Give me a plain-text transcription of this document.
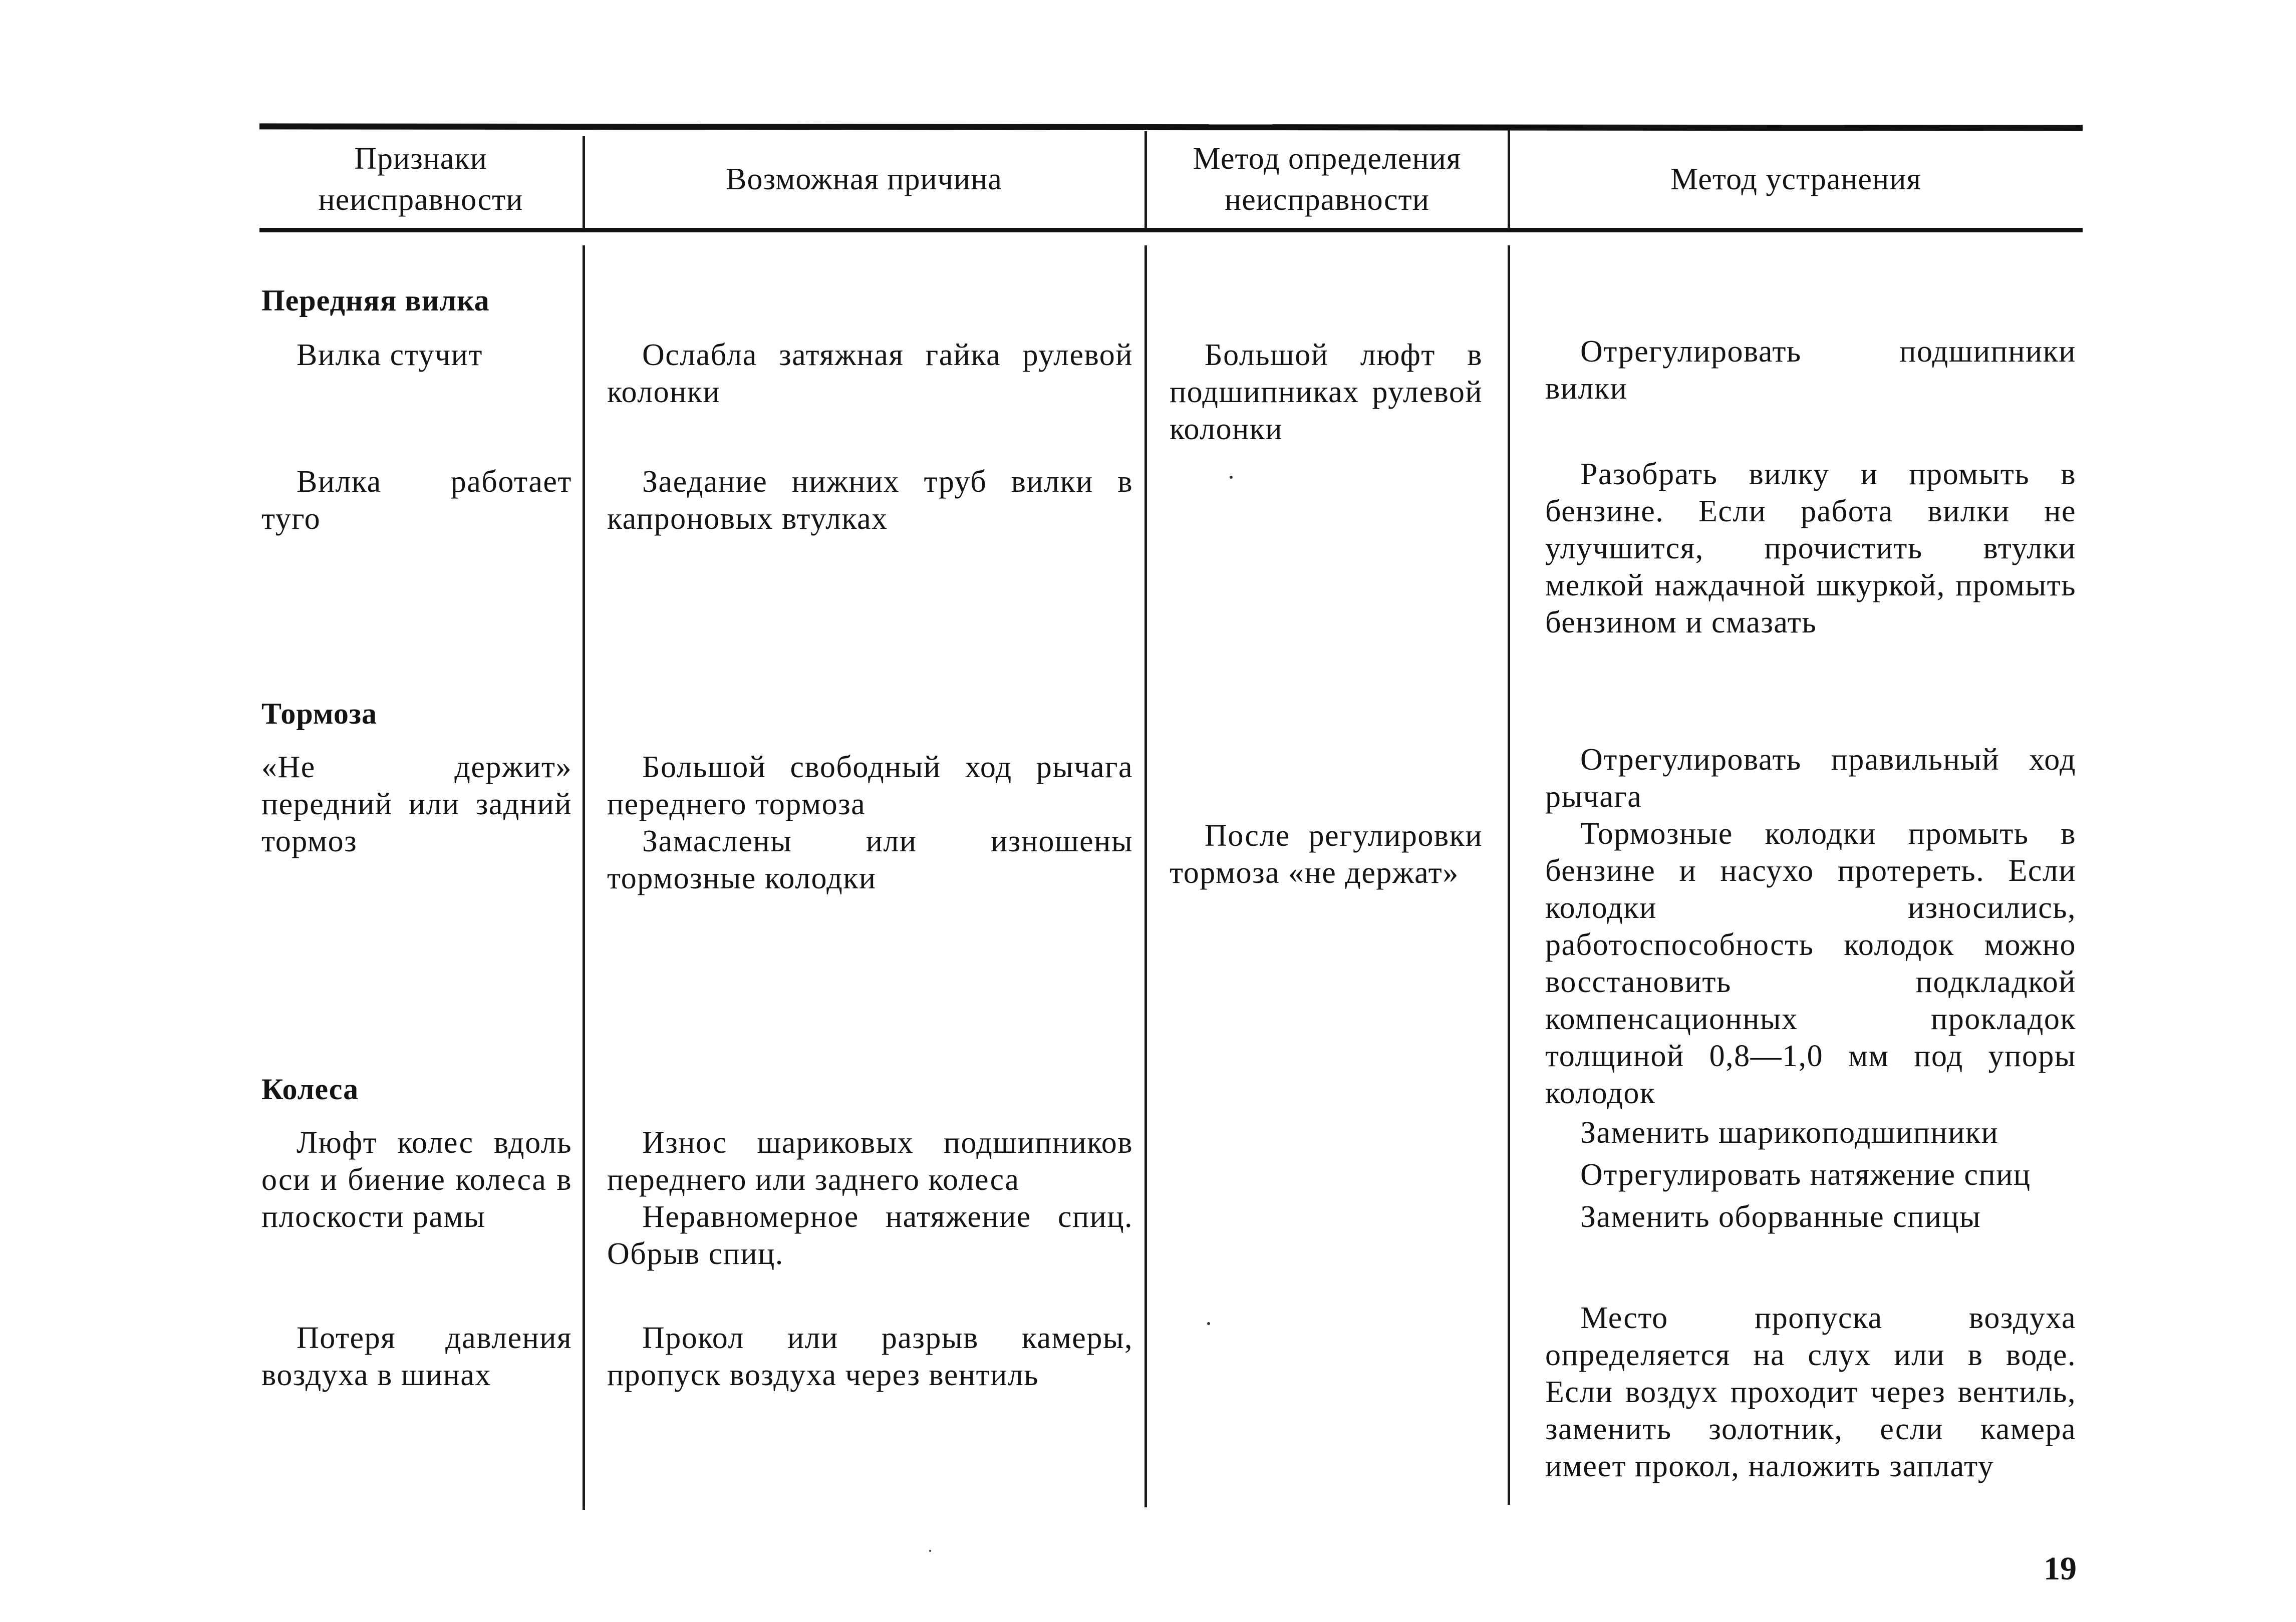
Признаки неисправности
Возможная причина
Метод определения неисправности
Метод устранения
Передняя вилка

Вилка стучит	Ослабла затяжная гайка рулевой колонки

Большой люфт в подшипниках рулевой колонки

Отрегулировать подшипники вилки

Вилка работает туго

Заедание нижних труб вилки в капроновых втулках

Разобрать вилку и промыть в бензине. Если работа вилки не улучшится, прочистить втулки мелкой наждачной шкуркой, промыть бензином и смазать

Тормоза

«Не держит» передний или задний тормоз

Большой свободный ход рычага переднего тормоза

Замаслены или изношены тормозные колодки

После регулировки тормоза «не держат»

Отрегулировать правильный ход рычага

Тормозные колодки промыть в бензине и насухо протереть. Если колодки износились, работоспособность колодок можно восстановить подкладкой компенсационных прокладок толщиной 0,8—1,0 мм под упоры колодок

Колеса

Люфт колес вдоль оси и биение колеса в плоскости рамы

Износ шариковых подшипников переднего или заднего колеса

Неравномерное натяжение спиц. Обрыв спиц.

Заменить шарикоподшипники

Отрегулировать натяжение спиц

Заменить оборванные спицы

Потеря давления воздуха в шинах

Прокол или разрыв камеры, пропуск воздуха через вентиль

Место пропуска воздуха определяется на слух или в воде. Если воздух проходит через вентиль, заменить золотник, если камера имеет прокол, наложить заплату

19
